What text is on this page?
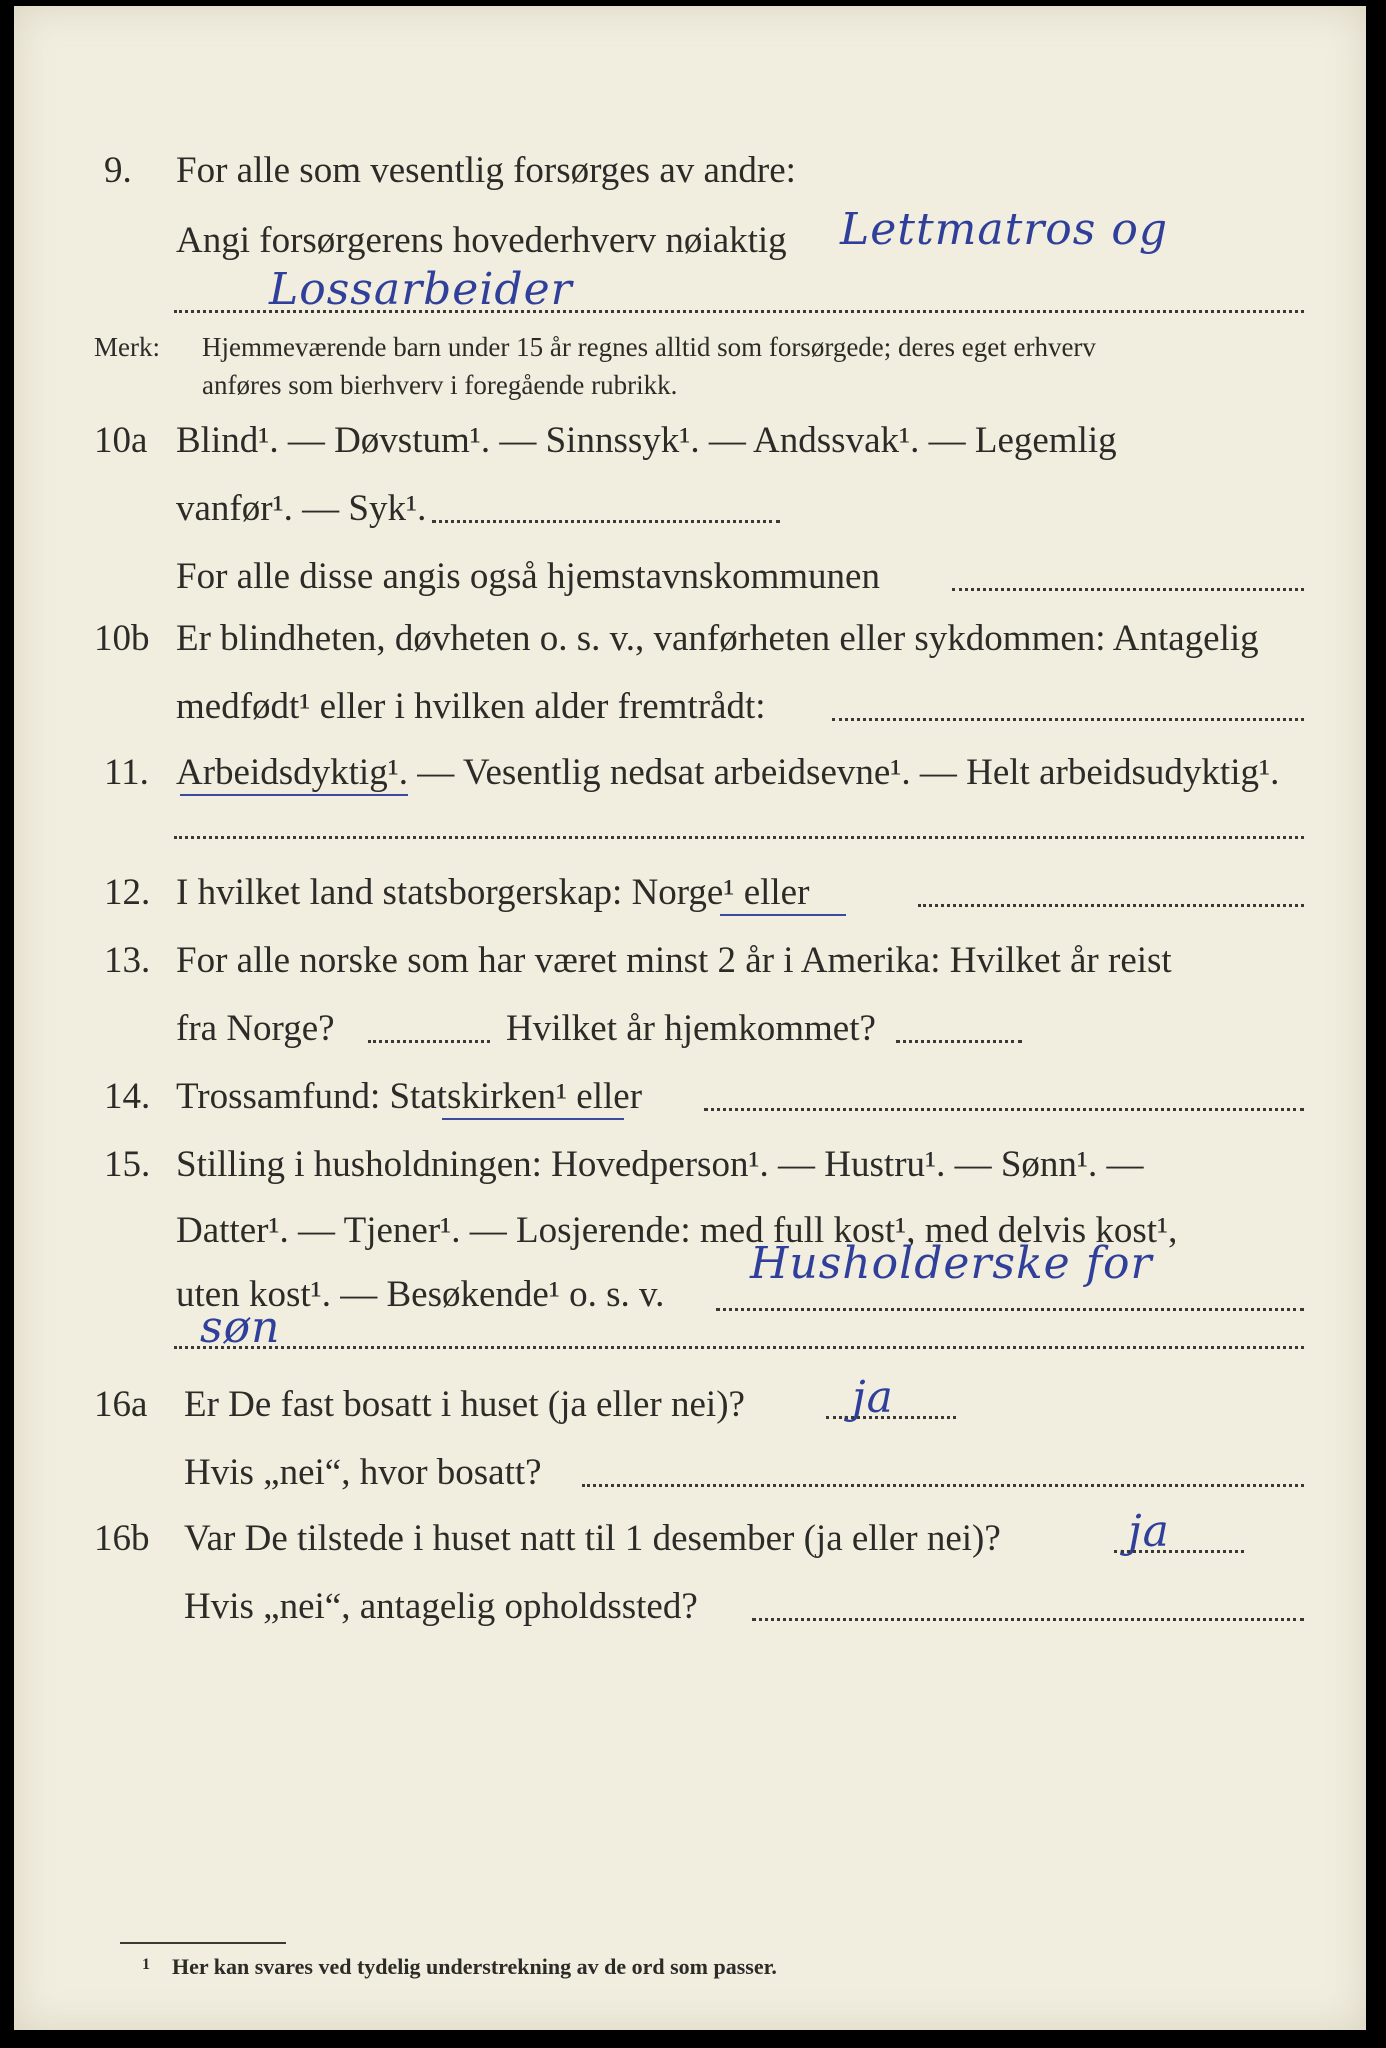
9. For alle som vesentlig forsørges av andre:
Angi forsørgerens hovederhverv nøiaktig Lettmatros og
Lossarbeider
Merk: Hjemmeværende barn under 15 år regnes alltid som forsørgede; deres eget erhverv
anføres som bierhverv i foregående rubrikk.
10a Blind¹. — Døvstum¹. — Sinnssyk¹. — Andssvak¹. — Legemlig
vanfør¹. — Syk¹.
For alle disse angis også hjemstavnskommunen
10b Er blindheten, døvheten o. s. v., vanførheten eller sykdommen: Antagelig
medfødt¹ eller i hvilken alder fremtrådt:
11. Arbeidsdyktig¹. — Vesentlig nedsat arbeidsevne¹. — Helt arbeidsudyktig¹.
12. I hvilket land statsborgerskap: Norge¹ eller
13. For alle norske som har været minst 2 år i Amerika: Hvilket år reist
fra Norge?	Hvilket år hjemkommet?
14. Trossamfund: Statskirken¹ eller
15. Stilling i husholdningen: Hovedperson¹. — Hustru¹. — Sønn¹. —
Datter¹. — Tjener¹. — Losjerende: med full kost¹, med delvis kost¹,
uten kost¹. — Besøkende¹ o. s. v.
Husholderske for
søn
16a Er De fast bosatt i huset (ja eller nei)? ja
Hvis „nei“, hvor bosatt?
16b Var De tilstede i huset natt til 1 desember (ja eller nei)?	ja
Hvis „nei“, antagelig opholdssted?
1 Her kan svares ved tydelig understrekning av de ord som passer.
